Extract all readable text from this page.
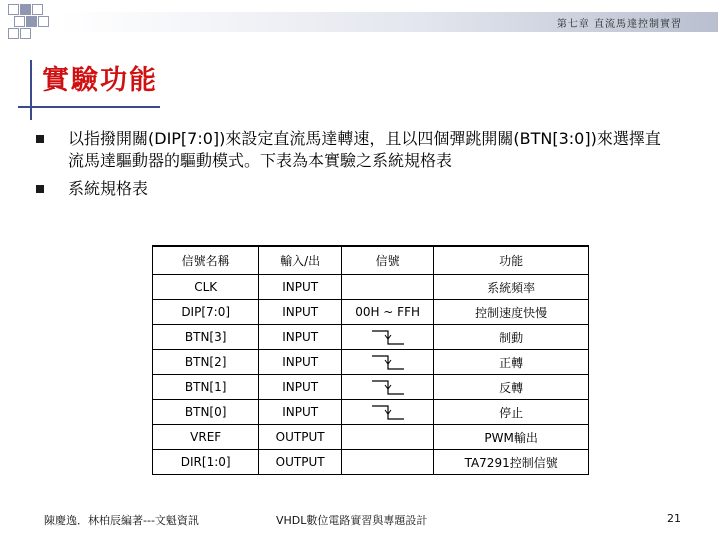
第七章 直流馬達控制實習
實驗功能
以指撥開關(DIP[7:0])來設定直流馬達轉速，且以四個彈跳開關(BTN[3:0])來選擇直流馬達驅動器的驅動模式。下表為本實驗之系統規格表
系統規格表
信號名稱	輸入/出	信號	功能
CLK	INPUT		系統頻率
DIP[7:0]	INPUT	00H ~ FFH	控制速度快慢
BTN[3]	INPUT		制動
BTN[2]	INPUT		正轉
BTN[1]	INPUT		反轉
BTN[0]	INPUT		停止
VREF	OUTPUT		PWM輸出
DIR[1:0]	OUTPUT		TA7291控制信號
陳慶逸．林柏辰編著---文魁資訊	VHDL數位電路實習與專題設計	21
